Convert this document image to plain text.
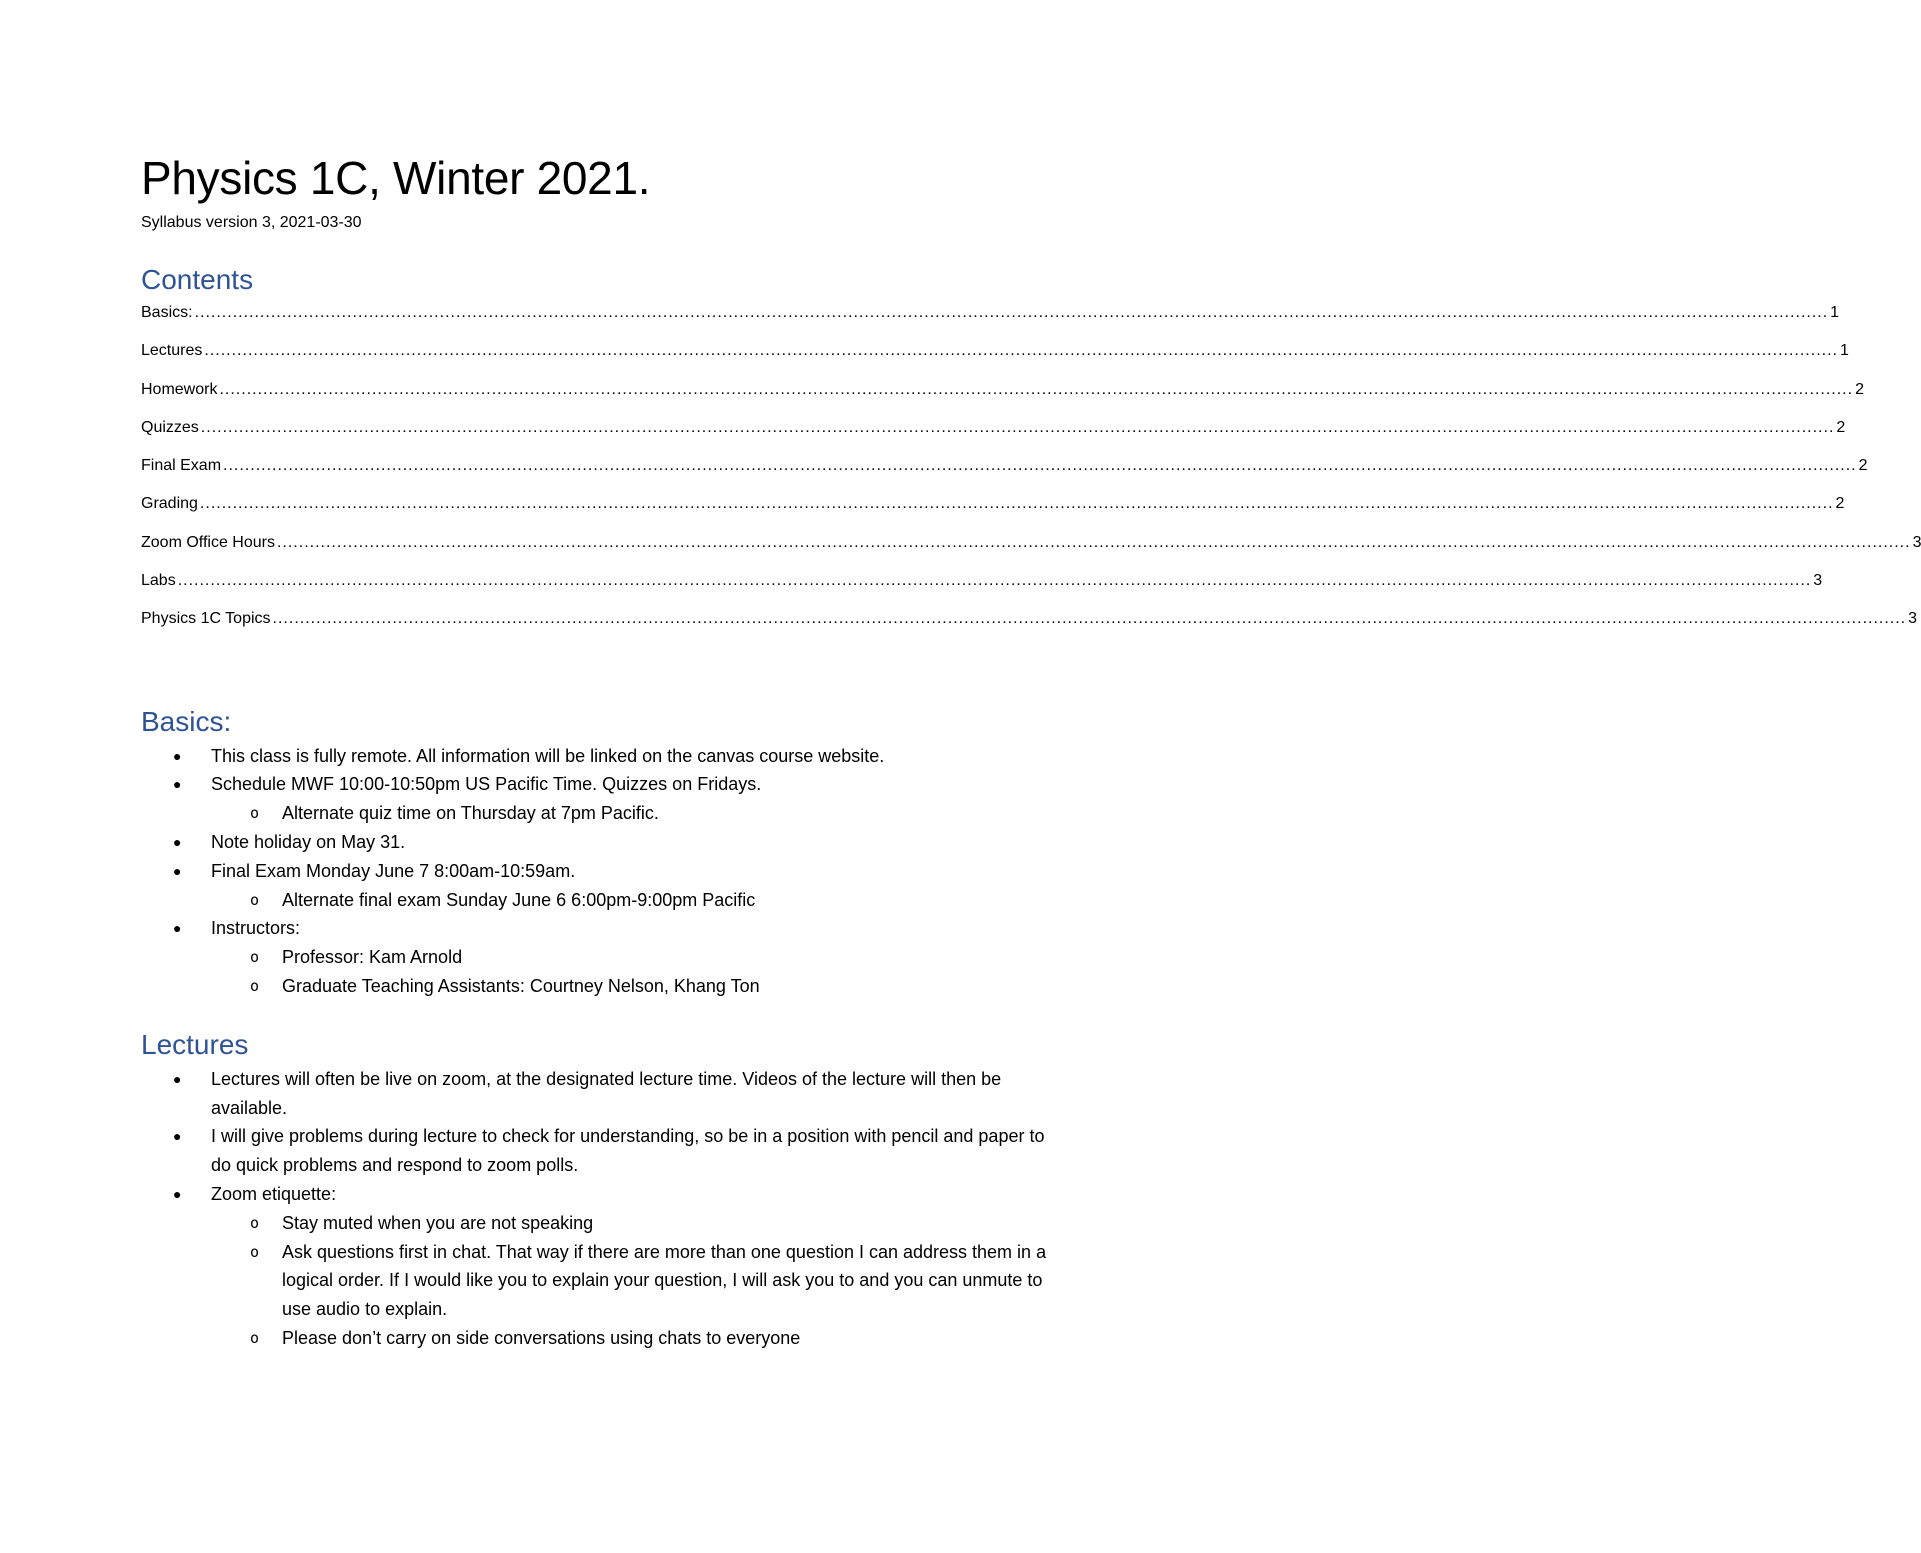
Physics 1C, Winter 2021.

Syllabus version 3, 2021-03-30

Contents
Basics: ............................................................................................................................................................................................................................................................................................................ 1
Lectures ............................................................................................................................................................................................................................................................................................................ 1
Homework ............................................................................................................................................................................................................................................................................................................ 2
Quizzes ............................................................................................................................................................................................................................................................................................................ 2
Final Exam ............................................................................................................................................................................................................................................................................................................ 2
Grading ............................................................................................................................................................................................................................................................................................................ 2
Zoom Office Hours ............................................................................................................................................................................................................................................................................................................ 3
Labs ............................................................................................................................................................................................................................................................................................................ 3
Physics 1C Topics ............................................................................................................................................................................................................................................................................................................ 3
Basics:
● This class is fully remote. All information will be linked on the canvas course website.
● Schedule MWF 10:00-10:50pm US Pacific Time. Quizzes on Fridays.
o Alternate quiz time on Thursday at 7pm Pacific.
● Note holiday on May 31.
● Final Exam Monday June 7 8:00am-10:59am.
o Alternate final exam Sunday June 6 6:00pm-9:00pm Pacific
● Instructors:
o Professor: Kam Arnold
o Graduate Teaching Assistants: Courtney Nelson, Khang Ton
Lectures
● Lectures will often be live on zoom, at the designated lecture time. Videos of the lecture will then be available.
● I will give problems during lecture to check for understanding, so be in a position with pencil and paper to do quick problems and respond to zoom polls.
● Zoom etiquette:
o Stay muted when you are not speaking
o Ask questions first in chat. That way if there are more than one question I can address them in a logical order. If I would like you to explain your question, I will ask you to and you can unmute to use audio to explain.
o Please don’t carry on side conversations using chats to everyone
